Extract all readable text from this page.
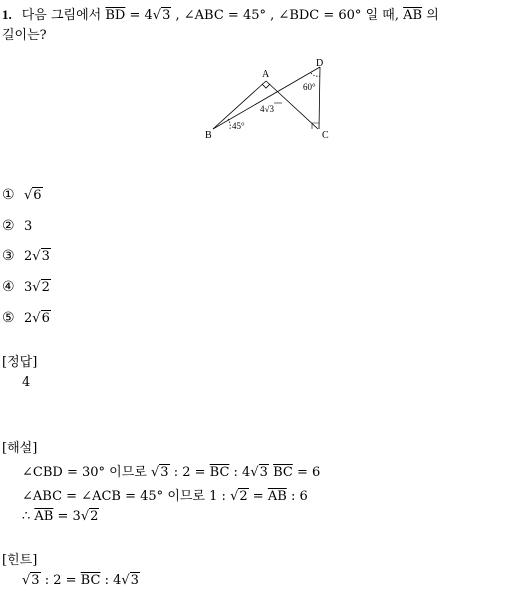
1. 다음 그림에서 $\overline{BD} = 4√3$ , ∠ABC = 45° , ∠BDC = 60° 일 때, $\overline{AB}$ 의
길이는?
A
B	C
D
45°
60°
4√3
① √6
② 3
③ 2√3
④ 3√2
⑤ 2√6
[정답]
4
[해설]
∠CBD = 30° 이므로 √3 : $2 = \overline{BC}$ : 4√3 $\overline{BC} = 6$
∠ABC = ∠ACB = 45° 이므로 1 : $√2 = \overline{AB}$ : 6
∴ $\overline{AB} = 3√2$
[힌트]
√3 : $2 = \overline{BC}$ : 4√3
